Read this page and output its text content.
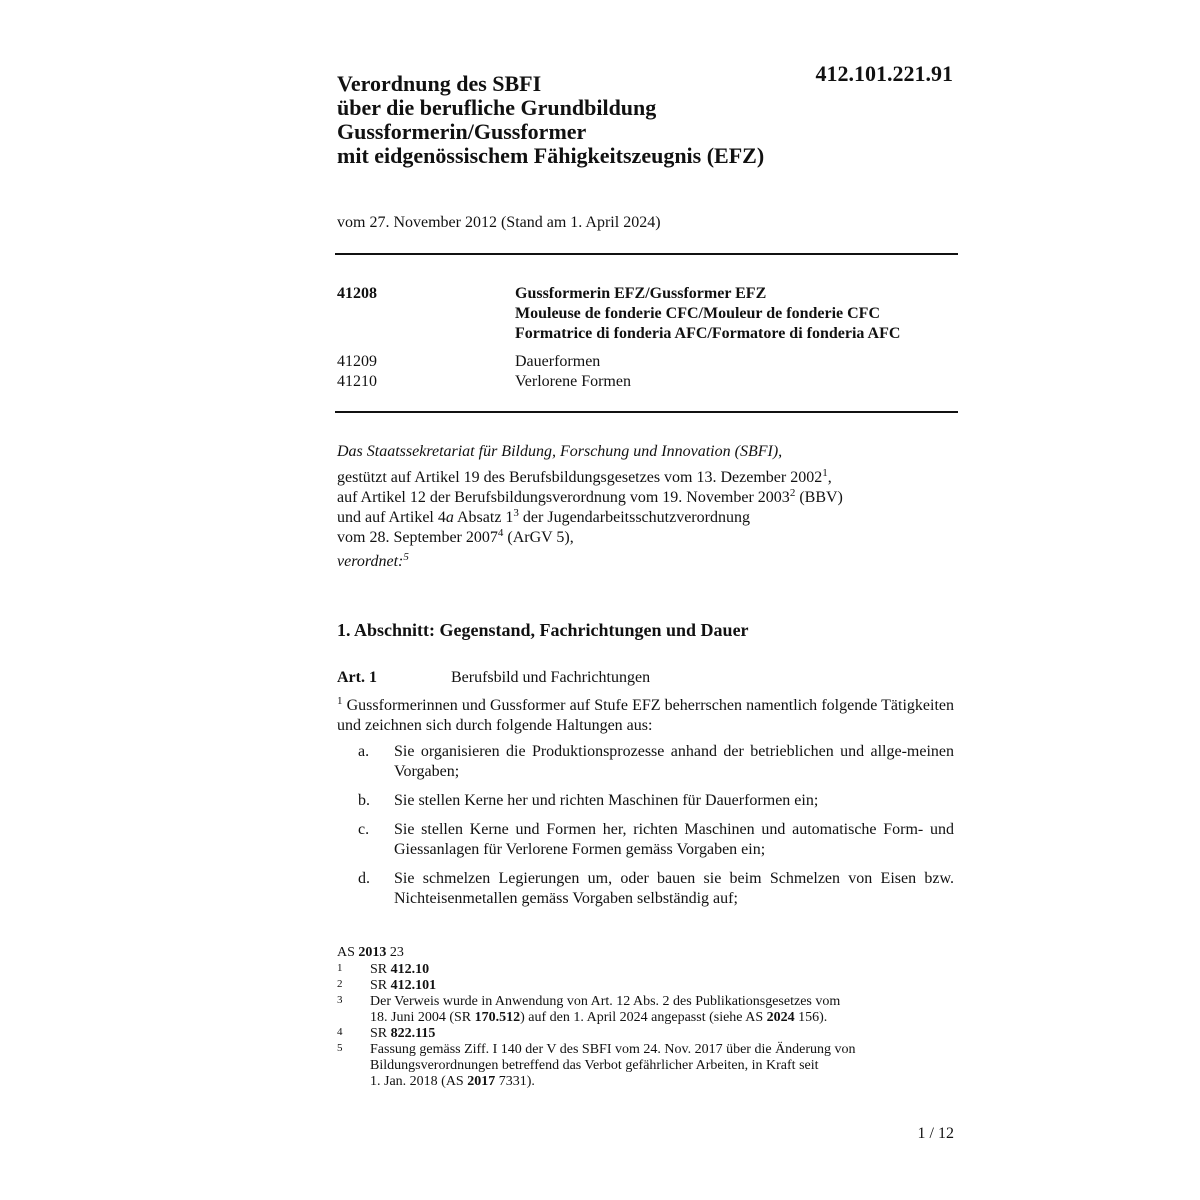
412.101.221.91
Verordnung des SBFI
über die berufliche Grundbildung
Gussformerin/Gussformer
mit eidgenössischem Fähigkeitszeugnis (EFZ)
vom 27. November 2012 (Stand am 1. April 2024)
41208	Gussformerin EFZ/Gussformer EFZ
Mouleuse de fonderie CFC/Mouleur de fonderie CFC
Formatrice di fonderia AFC/Formatore di fonderia AFC
41209	Dauerformen
41210	Verlorene Formen
Das Staatssekretariat für Bildung, Forschung und Innovation (SBFI),
gestützt auf Artikel 19 des Berufsbildungsgesetzes vom 13. Dezember 2002$^1$,
auf Artikel 12 der Berufsbildungsverordnung vom 19. November 2003$^2$ (BBV)
und auf Artikel 4a Absatz $1^3$ der Jugendarbeitsschutzverordnung
vom 28. September 2007$^4$ (ArGV 5),
verordnet:$^5$
1. Abschnitt: Gegenstand, Fachrichtungen und Dauer
Art. 1	Berufsbild und Fachrichtungen
$^1$ Gussformerinnen und Gussformer auf Stufe EFZ beherrschen namentlich folgende Tätigkeiten und zeichnen sich durch folgende Haltungen aus:
a. Sie organisieren die Produktionsprozesse anhand der betrieblichen und allge-meinen Vorgaben;
b. Sie stellen Kerne her und richten Maschinen für Dauerformen ein;
c. Sie stellen Kerne und Formen her, richten Maschinen und automatische Form- und Giessanlagen für Verlorene Formen gemäss Vorgaben ein;
d. Sie schmelzen Legierungen um, oder bauen sie beim Schmelzen von Eisen bzw. Nichteisenmetallen gemäss Vorgaben selbständig auf;
AS 2013 23
1 SR 412.10
2 SR 412.101
3 Der Verweis wurde in Anwendung von Art. 12 Abs. 2 des Publikationsgesetzes vom
18. Juni 2004 (SR 170.512) auf den 1. April 2024 angepasst (siehe AS 2024 156).
4 SR 822.115
5 Fassung gemäss Ziff. I 140 der V des SBFI vom 24. Nov. 2017 über die Änderung von
Bildungsverordnungen betreffend das Verbot gefährlicher Arbeiten, in Kraft seit
1. Jan. 2018 (AS 2017 7331).
1 / 12
